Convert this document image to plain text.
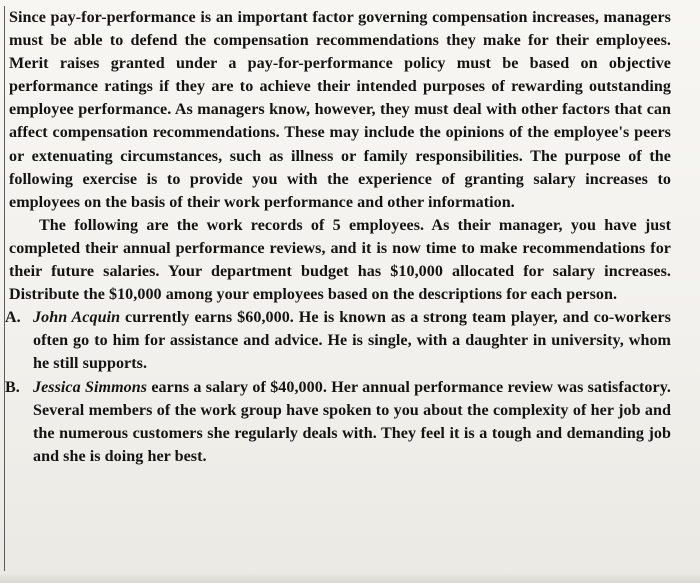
Since pay-for-performance is an important factor governing compensation increases, managers must be able to defend the compensation recommendations they make for their employees. Merit raises granted under a pay-for-performance policy must be based on objective performance ratings if they are to achieve their intended purposes of rewarding outstanding employee performance. As managers know, however, they must deal with other factors that can affect compensation recommendations. These may include the opinions of the employee's peers or extenuating circumstances, such as illness or family responsibilities. The purpose of the following exercise is to provide you with the experience of granting salary increases to employees on the basis of their work performance and other information.

The following are the work records of 5 employees. As their manager, you have just completed their annual performance reviews, and it is now time to make recommendations for their future salaries. Your department budget has $10,000 allocated for salary increases. Distribute the $10,000 among your employees based on the descriptions for each person.

A. John Acquin currently earns $60,000. He is known as a strong team player, and co-workers often go to him for assistance and advice. He is single, with a daughter in university, whom he still supports.
B. Jessica Simmons earns a salary of $40,000. Her annual performance review was satisfactory. Several members of the work group have spoken to you about the complexity of her job and the numerous customers she regularly deals with. They feel it is a tough and demanding job and she is doing her best.
